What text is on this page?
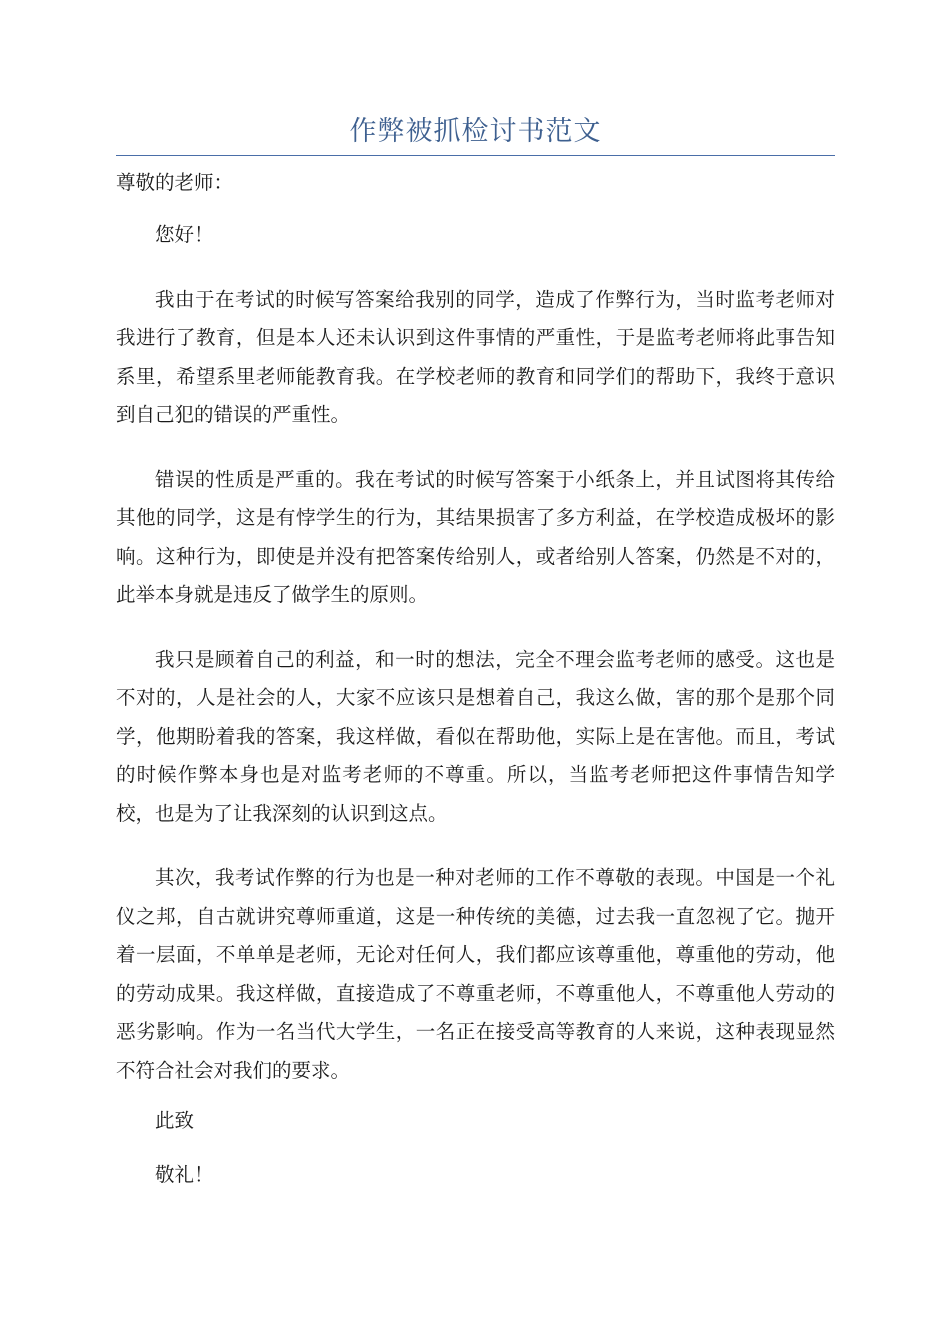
作弊被抓检讨书范文

尊敬的老师：

您好！

我由于在考试的时候写答案给我别的同学，造成了作弊行为，当时监考老师对我进行了教育，但是本人还未认识到这件事情的严重性，于是监考老师将此事告知系里，希望系里老师能教育我。在学校老师的教育和同学们的帮助下，我终于意识到自己犯的错误的严重性。

错误的性质是严重的。我在考试的时候写答案于小纸条上，并且试图将其传给其他的同学，这是有悖学生的行为，其结果损害了多方利益，在学校造成极坏的影响。这种行为，即使是并没有把答案传给别人，或者给别人答案，仍然是不对的，此举本身就是违反了做学生的原则。

我只是顾着自己的利益，和一时的想法，完全不理会监考老师的感受。这也是不对的，人是社会的人，大家不应该只是想着自己，我这么做，害的那个是那个同学，他期盼着我的答案，我这样做，看似在帮助他，实际上是在害他。而且，考试的时候作弊本身也是对监考老师的不尊重。所以，当监考老师把这件事情告知学校，也是为了让我深刻的认识到这点。

其次，我考试作弊的行为也是一种对老师的工作不尊敬的表现。中国是一个礼仪之邦，自古就讲究尊师重道，这是一种传统的美德，过去我一直忽视了它。抛开着一层面，不单单是老师，无论对任何人，我们都应该尊重他，尊重他的劳动，他的劳动成果。我这样做，直接造成了不尊重老师，不尊重他人，不尊重他人劳动的恶劣影响。作为一名当代大学生，一名正在接受高等教育的人来说，这种表现显然不符合社会对我们的要求。

此致

敬礼！
